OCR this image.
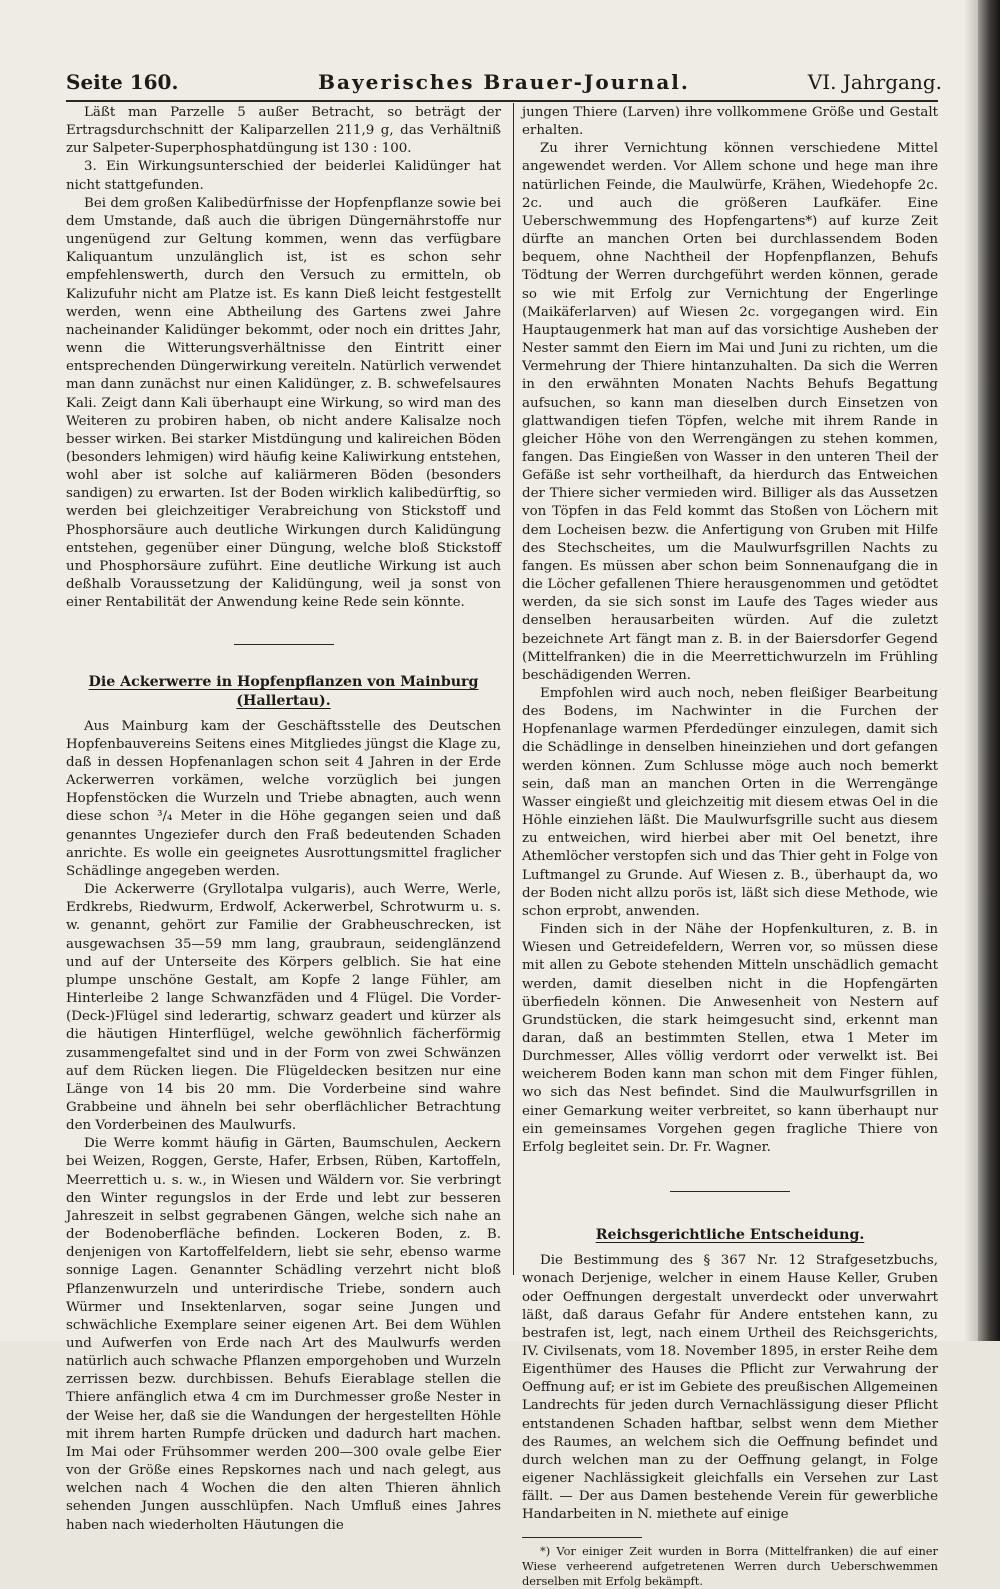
Seite 160.	Bayerisches Brauer-Journal.	VI. Jahrgang.

Läßt man Parzelle 5 außer Betracht, so beträgt der Ertragsdurchschnitt der Kaliparzellen 211,9 g, das Verhältniß zur Salpeter-Superphosphatdüngung ist 130 : 100.

3. Ein Wirkungsunterschied der beiderlei Kalidünger hat nicht stattgefunden.

Bei dem großen Kalibedürfnisse der Hopfenpflanze sowie bei dem Umstande, daß auch die übrigen Düngernährstoffe nur ungenügend zur Geltung kommen, wenn das verfügbare Kaliquantum unzulänglich ist, ist es schon sehr empfehlenswerth, durch den Versuch zu ermitteln, ob Kalizufuhr nicht am Platze ist. Es kann Dieß leicht festgestellt werden, wenn eine Abtheilung des Gartens zwei Jahre nacheinander Kalidünger bekommt, oder noch ein drittes Jahr, wenn die Witterungsverhältnisse den Eintritt einer entsprechenden Düngerwirkung vereiteln. Natürlich verwendet man dann zunächst nur einen Kalidünger, z. B. schwefelsaures Kali. Zeigt dann Kali überhaupt eine Wirkung, so wird man des Weiteren zu probiren haben, ob nicht andere Kalisalze noch besser wirken. Bei starker Mistdüngung und kalireichen Böden (besonders lehmigen) wird häufig keine Kaliwirkung entstehen, wohl aber ist solche auf kaliärmeren Böden (besonders sandigen) zu erwarten. Ist der Boden wirklich kalibedürftig, so werden bei gleichzeitiger Verabreichung von Stickstoff und Phosphorsäure auch deutliche Wirkungen durch Kalidüngung entstehen, gegenüber einer Düngung, welche bloß Stickstoff und Phosphorsäure zuführt. Eine deutliche Wirkung ist auch deßhalb Voraussetzung der Kalidüngung, weil ja sonst von einer Rentabilität der Anwendung keine Rede sein könnte.

Die Ackerwerre in Hopfenpflanzen von Mainburg (Hallertau).

Aus Mainburg kam der Geschäftsstelle des Deutschen Hopfenbauvereins Seitens eines Mitgliedes jüngst die Klage zu, daß in dessen Hopfenanlagen schon seit 4 Jahren in der Erde Ackerwerren vorkämen, welche vorzüglich bei jungen Hopfenstöcken die Wurzeln und Triebe abnagten, auch wenn diese schon ³/₄ Meter in die Höhe gegangen seien und daß genanntes Ungeziefer durch den Fraß bedeutenden Schaden anrichte. Es wolle ein geeignetes Ausrottungsmittel fraglicher Schädlinge angegeben werden.

Die Ackerwerre (Gryllotalpa vulgaris), auch Werre, Werle, Erdkrebs, Riedwurm, Erdwolf, Ackerwerbel, Schrotwurm u. s. w. genannt, gehört zur Familie der Grabheuschrecken, ist ausgewachsen 35—59 mm lang, graubraun, seidenglänzend und auf der Unterseite des Körpers gelblich. Sie hat eine plumpe unschöne Gestalt, am Kopfe 2 lange Fühler, am Hinterleibe 2 lange Schwanzfäden und 4 Flügel. Die Vorder-(Deck-)Flügel sind lederartig, schwarz geadert und kürzer als die häutigen Hinterflügel, welche gewöhnlich fächerförmig zusammengefaltet sind und in der Form von zwei Schwänzen auf dem Rücken liegen. Die Flügeldecken besitzen nur eine Länge von 14 bis 20 mm. Die Vorderbeine sind wahre Grabbeine und ähneln bei sehr oberflächlicher Betrachtung den Vorderbeinen des Maulwurfs.

Die Werre kommt häufig in Gärten, Baumschulen, Aeckern bei Weizen, Roggen, Gerste, Hafer, Erbsen, Rüben, Kartoffeln, Meerrettich u. s. w., in Wiesen und Wäldern vor. Sie verbringt den Winter regungslos in der Erde und lebt zur besseren Jahreszeit in selbst gegrabenen Gängen, welche sich nahe an der Bodenoberfläche befinden. Lockeren Boden, z. B. denjenigen von Kartoffelfeldern, liebt sie sehr, ebenso warme sonnige Lagen. Genannter Schädling verzehrt nicht bloß Pflanzenwurzeln und unterirdische Triebe, sondern auch Würmer und Insektenlarven, sogar seine Jungen und schwächliche Exemplare seiner eigenen Art. Bei dem Wühlen und Aufwerfen von Erde nach Art des Maulwurfs werden natürlich auch schwache Pflanzen emporgehoben und Wurzeln zerrissen bezw. durchbissen. Behufs Eierablage stellen die Thiere anfänglich etwa 4 cm im Durchmesser große Nester in der Weise her, daß sie die Wandungen der hergestellten Höhle mit ihrem harten Rumpfe drücken und dadurch hart machen. Im Mai oder Frühsommer werden 200—300 ovale gelbe Eier von der Größe eines Repskornes nach und nach gelegt, aus welchen nach 4 Wochen die den alten Thieren ähnlich sehenden Jungen ausschlüpfen. Nach Umfluß eines Jahres haben nach wiederholten Häutungen die

jungen Thiere (Larven) ihre vollkommene Größe und Gestalt erhalten.

Zu ihrer Vernichtung können verschiedene Mittel angewendet werden. Vor Allem schone und hege man ihre natürlichen Feinde, die Maulwürfe, Krähen, Wiedehopfe 2c. 2c. und auch die größeren Laufkäfer. Eine Ueberschwemmung des Hopfengartens*) auf kurze Zeit dürfte an manchen Orten bei durchlassendem Boden bequem, ohne Nachtheil der Hopfenpflanzen, Behufs Tödtung der Werren durchgeführt werden können, gerade so wie mit Erfolg zur Vernichtung der Engerlinge (Maikäferlarven) auf Wiesen 2c. vorgegangen wird. Ein Hauptaugenmerk hat man auf das vorsichtige Ausheben der Nester sammt den Eiern im Mai und Juni zu richten, um die Vermehrung der Thiere hintanzuhalten. Da sich die Werren in den erwähnten Monaten Nachts Behufs Begattung aufsuchen, so kann man dieselben durch Einsetzen von glattwandigen tiefen Töpfen, welche mit ihrem Rande in gleicher Höhe von den Werrengängen zu stehen kommen, fangen. Das Eingießen von Wasser in den unteren Theil der Gefäße ist sehr vortheilhaft, da hierdurch das Entweichen der Thiere sicher vermieden wird. Billiger als das Aussetzen von Töpfen in das Feld kommt das Stoßen von Löchern mit dem Locheisen bezw. die Anfertigung von Gruben mit Hilfe des Stechscheites, um die Maulwurfsgrillen Nachts zu fangen. Es müssen aber schon beim Sonnenaufgang die in die Löcher gefallenen Thiere herausgenommen und getödtet werden, da sie sich sonst im Laufe des Tages wieder aus denselben herausarbeiten würden. Auf die zuletzt bezeichnete Art fängt man z. B. in der Baiersdorfer Gegend (Mittelfranken) die in die Meerrettichwurzeln im Frühling beschädigenden Werren.

Empfohlen wird auch noch, neben fleißiger Bearbeitung des Bodens, im Nachwinter in die Furchen der Hopfenanlage warmen Pferdedünger einzulegen, damit sich die Schädlinge in denselben hineinziehen und dort gefangen werden können. Zum Schlusse möge auch noch bemerkt sein, daß man an manchen Orten in die Werrengänge Wasser eingießt und gleichzeitig mit diesem etwas Oel in die Höhle einziehen läßt. Die Maulwurfsgrille sucht aus diesem zu entweichen, wird hierbei aber mit Oel benetzt, ihre Athemlöcher verstopfen sich und das Thier geht in Folge von Luftmangel zu Grunde. Auf Wiesen z. B., überhaupt da, wo der Boden nicht allzu porös ist, läßt sich diese Methode, wie schon erprobt, anwenden.

Finden sich in der Nähe der Hopfenkulturen, z. B. in Wiesen und Getreidefeldern, Werren vor, so müssen diese mit allen zu Gebote stehenden Mitteln unschädlich gemacht werden, damit dieselben nicht in die Hopfengärten überfiedeln können. Die Anwesenheit von Nestern auf Grundstücken, die stark heimgesucht sind, erkennt man daran, daß an bestimmten Stellen, etwa 1 Meter im Durchmesser, Alles völlig verdorrt oder verwelkt ist. Bei weicherem Boden kann man schon mit dem Finger fühlen, wo sich das Nest befindet. Sind die Maulwurfsgrillen in einer Gemarkung weiter verbreitet, so kann überhaupt nur ein gemeinsames Vorgehen gegen fragliche Thiere von Erfolg begleitet sein. Dr. Fr. Wagner.

Reichsgerichtliche Entscheidung.

Die Bestimmung des § 367 Nr. 12 Strafgesetzbuchs, wonach Derjenige, welcher in einem Hause Keller, Gruben oder Oeffnungen dergestalt unverdeckt oder unverwahrt läßt, daß daraus Gefahr für Andere entstehen kann, zu bestrafen ist, legt, nach einem Urtheil des Reichsgerichts, IV. Civilsenats, vom 18. November 1895, in erster Reihe dem Eigenthümer des Hauses die Pflicht zur Verwahrung der Oeffnung auf; er ist im Gebiete des preußischen Allgemeinen Landrechts für jeden durch Vernachlässigung dieser Pflicht entstandenen Schaden haftbar, selbst wenn dem Miether des Raumes, an welchem sich die Oeffnung befindet und durch welchen man zu der Oeffnung gelangt, in Folge eigener Nachlässigkeit gleichfalls ein Versehen zur Last fällt. — Der aus Damen bestehende Verein für gewerbliche Handarbeiten in N. miethete auf einige

*) Vor einiger Zeit wurden in Borra (Mittelfranken) die auf einer Wiese verheerend aufgetretenen Werren durch Ueberschwemmen derselben mit Erfolg bekämpft.
